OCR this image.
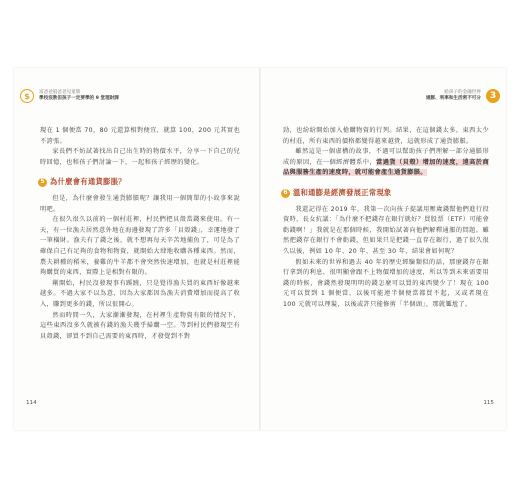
$	富爸爸窮爸爸兒童版
學校沒教但孩子一定要學的 9 堂理財課

現在 1 個便當 70，80 元還算相對便宜，就算 100，200 元其實也不誇張。

家長們不妨試著找出自己出生時的物價水平，分享一下自己的兒時回憶，也和孩子們討論一下，一起和孩子經歷的變化。

5 為什麼會有通貨膨脹？

但是，為什麼會發生通貨膨脹呢？讓我用一個簡單的小故事來說明吧。

在很久很久以前的一個村莊裡，村民們把貝殼當錢來使用。有一天，有一位漁夫居然意外地在海邊發現了許多「貝殼錢」，幸運地發了一筆橫財。漁夫有了錢之後，就不想再每天辛苦地捕魚了，可是為了確保自己有足夠的食物和物資，就開始大肆地收購各種東西。然而，農夫耕種的稻米，養雞的牛羊都不會突然快速增加，也就是村莊裡能夠購買的東西，實際上是相對有限的。

剛開始，村民沒發現事有蹊蹺，只是覺得漁夫買的東西好像越來越多。不過大家不以為意，因為大家都因為漁夫消費增加而提高了收入，賺到更多的錢，所以很開心。

然而時間一久，大家漸漸發現，在村裡生產物資有限的情況下，這些東西沒多久就被有錢的漁夫幾乎掃購一空。等到村民們發現空有貝殼錢，卻買不到自己需要的東西時，才發覺到不對

114
給孩子的金融世界
通膨、利率和生活密不可分 3

勁，也紛紛開始加入搶購物資的行列。結果，在這個錢太多，東西太少的村莊，所有東西的價格都變得越來越貴，這就形成了通貨膨脹。

雖然這是一個虛構的故事，不過可以幫助孩子們理解一部分通脹形成的原因，在一個經濟體系中，當過貨（貝殼）增加的速度，遠高於商品與服務生產的速度時，就可能會產生通貨膨脹。

6 溫和通膨是經濟發展正常現象

我還記得在 2019 年，我第一次向孩子提議用壓歲錢幫他們進行投資時，長女抗議：「為什麼不把錢存在銀行就好？買股票（ETF）可能會虧錢啊！」我就是在那個時候，我開始試著向他們解釋通脹的問題。雖然把錢存在銀行不會虧錢，但如果只是把錢一直存在銀行，過了很久很久以後，例如 10 年、20 年、甚至 30 年，結果會如何呢？

假如未來的世界和過去 40 年的歷史經驗類似的話，那麼錢存在銀行拿到的利息，很明顯會跟不上物價增加的速度，所以等到未來需要用錢的時候，會錢然發現明明的錢怎麼可以買的東西變少了！現在 100 元可以買到 1 個便當，以後可能連半個便當都買不起，又或者現在 100 元就可以理髮，以後或許只能修剪「半個頭」，那就尷尬了。

115
